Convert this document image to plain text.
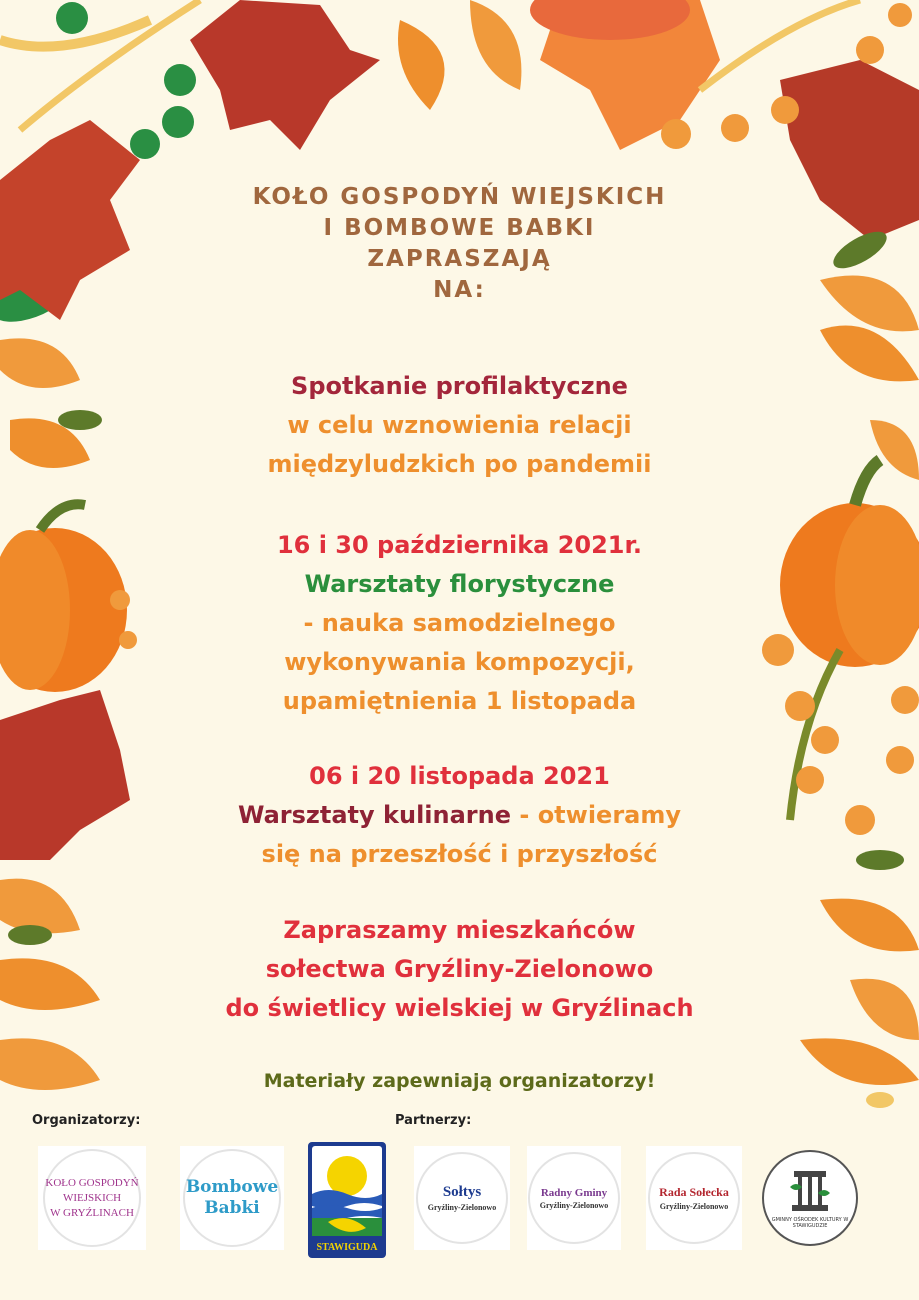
KOŁO GOSPODYŃ WIEJSKICH
I BOMBOWE BABKI
ZAPRASZAJĄ
NA:
Spotkanie profilaktyczne
w celu wznowienia relacji
międzyludzkich po pandemii
16 i 30 października 2021r.
Warsztaty florystyczne
- nauka samodzielnego
wykonywania kompozycji,
upamiętnienia 1 listopada
06 i 20 listopada 2021
Warsztaty kulinarne - otwieramy
się na przeszłość i przyszłość
Zapraszamy mieszkańców
sołectwa Gryźliny-Zielonowo
do świetlicy wielskiej w Gryźlinach
Materiały zapewniają organizatorzy!
Organizatorzy:	Partnerzy:
KOŁO GOSPODYŃ
WIEJSKICH
W GRYŹLINACH
Bombowe
Babki
STAWIGUDA
Sołtys
Gryźliny-Zielonowo
Radny Gminy
Gryźliny-Zielonowo
Rada Sołecka
Gryźliny-Zielonowo
GMINNY OŚRODEK KULTURY W STAWIGUDZIE
